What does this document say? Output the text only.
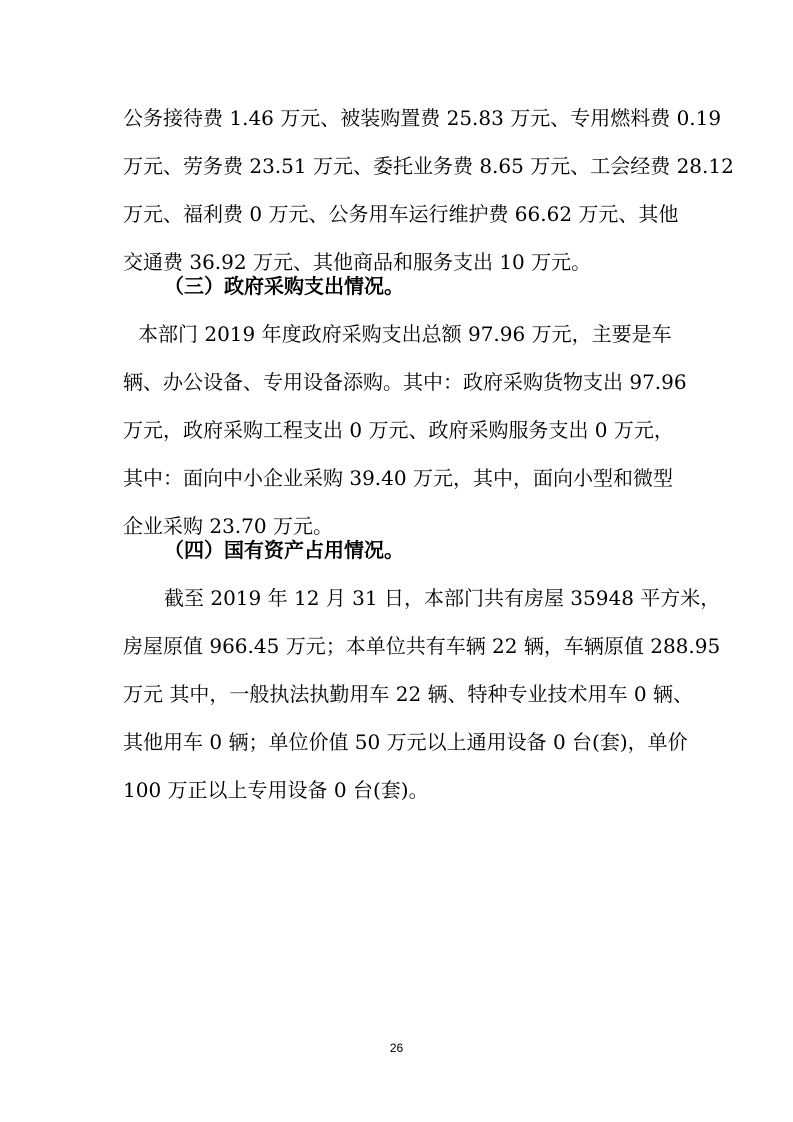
公务接待费 1.46 万元、被装购置费 25.83 万元、专用燃料费 0.19
万元、劳务费 23.51 万元、委托业务费 8.65 万元、工会经费 28.12
万元、福利费 0 万元、公务用车运行维护费 66.62 万元、其他
交通费 36.92 万元、其他商品和服务支出 10 万元。
（三）政府采购支出情况。
本部门 2019 年度政府采购支出总额 97.96 万元，主要是车
辆、办公设备、专用设备添购。其中：政府采购货物支出 97.96
万元，政府采购工程支出 0 万元、政府采购服务支出 0 万元，
其中：面向中小企业采购 39.40 万元，其中，面向小型和微型
企业采购 23.70 万元。
（四）国有资产占用情况。
截至 2019 年 12 月 31 日，本部门共有房屋 35948 平方米，
房屋原值 966.45 万元；本单位共有车辆 22 辆，车辆原值 288.95
万元 其中，一般执法执勤用车 22 辆、特种专业技术用车 0 辆、
其他用车 0 辆；单位价值 50 万元以上通用设备 0 台(套)，单价
100 万正以上专用设备 0 台(套)。
26
